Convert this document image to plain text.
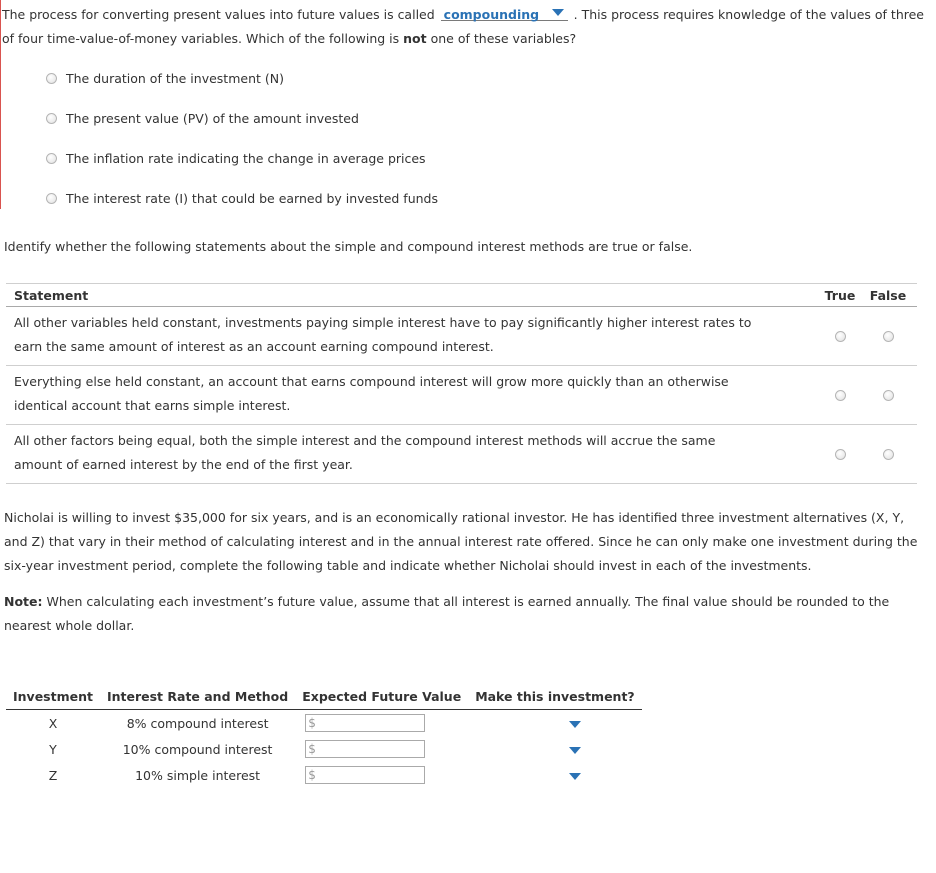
The process for converting present values into future values is called compounding	. This process requires knowledge of the values of three of four time-value-of-money variables. Which of the following is not one of these variables?
The duration of the investment (N)
The present value (PV) of the amount invested
The inflation rate indicating the change in average prices
The interest rate (I) that could be earned by invested funds
Identify whether the following statements about the simple and compound interest methods are true or false.
Statement	True	False
All other variables held constant, investments paying simple interest have to pay significantly higher interest rates to earn the same amount of interest as an account earning compound interest.		
Everything else held constant, an account that earns compound interest will grow more quickly than an otherwise identical account that earns simple interest.		
All other factors being equal, both the simple interest and the compound interest methods will accrue the same amount of earned interest by the end of the first year.		
Nicholai is willing to invest $35,000 for six years, and is an economically rational investor. He has identified three investment alternatives (X, Y, and Z) that vary in their method of calculating interest and in the annual interest rate offered. Since he can only make one investment during the six-year investment period, complete the following table and indicate whether Nicholai should invest in each of the investments.
Note: When calculating each investment’s future value, assume that all interest is earned annually. The final value should be rounded to the nearest whole dollar.
Investment	Interest Rate and Method	Expected Future Value	Make this investment?
X	8% compound interest	$	
Y	10% compound interest	$	
Z	10% simple interest	$	
